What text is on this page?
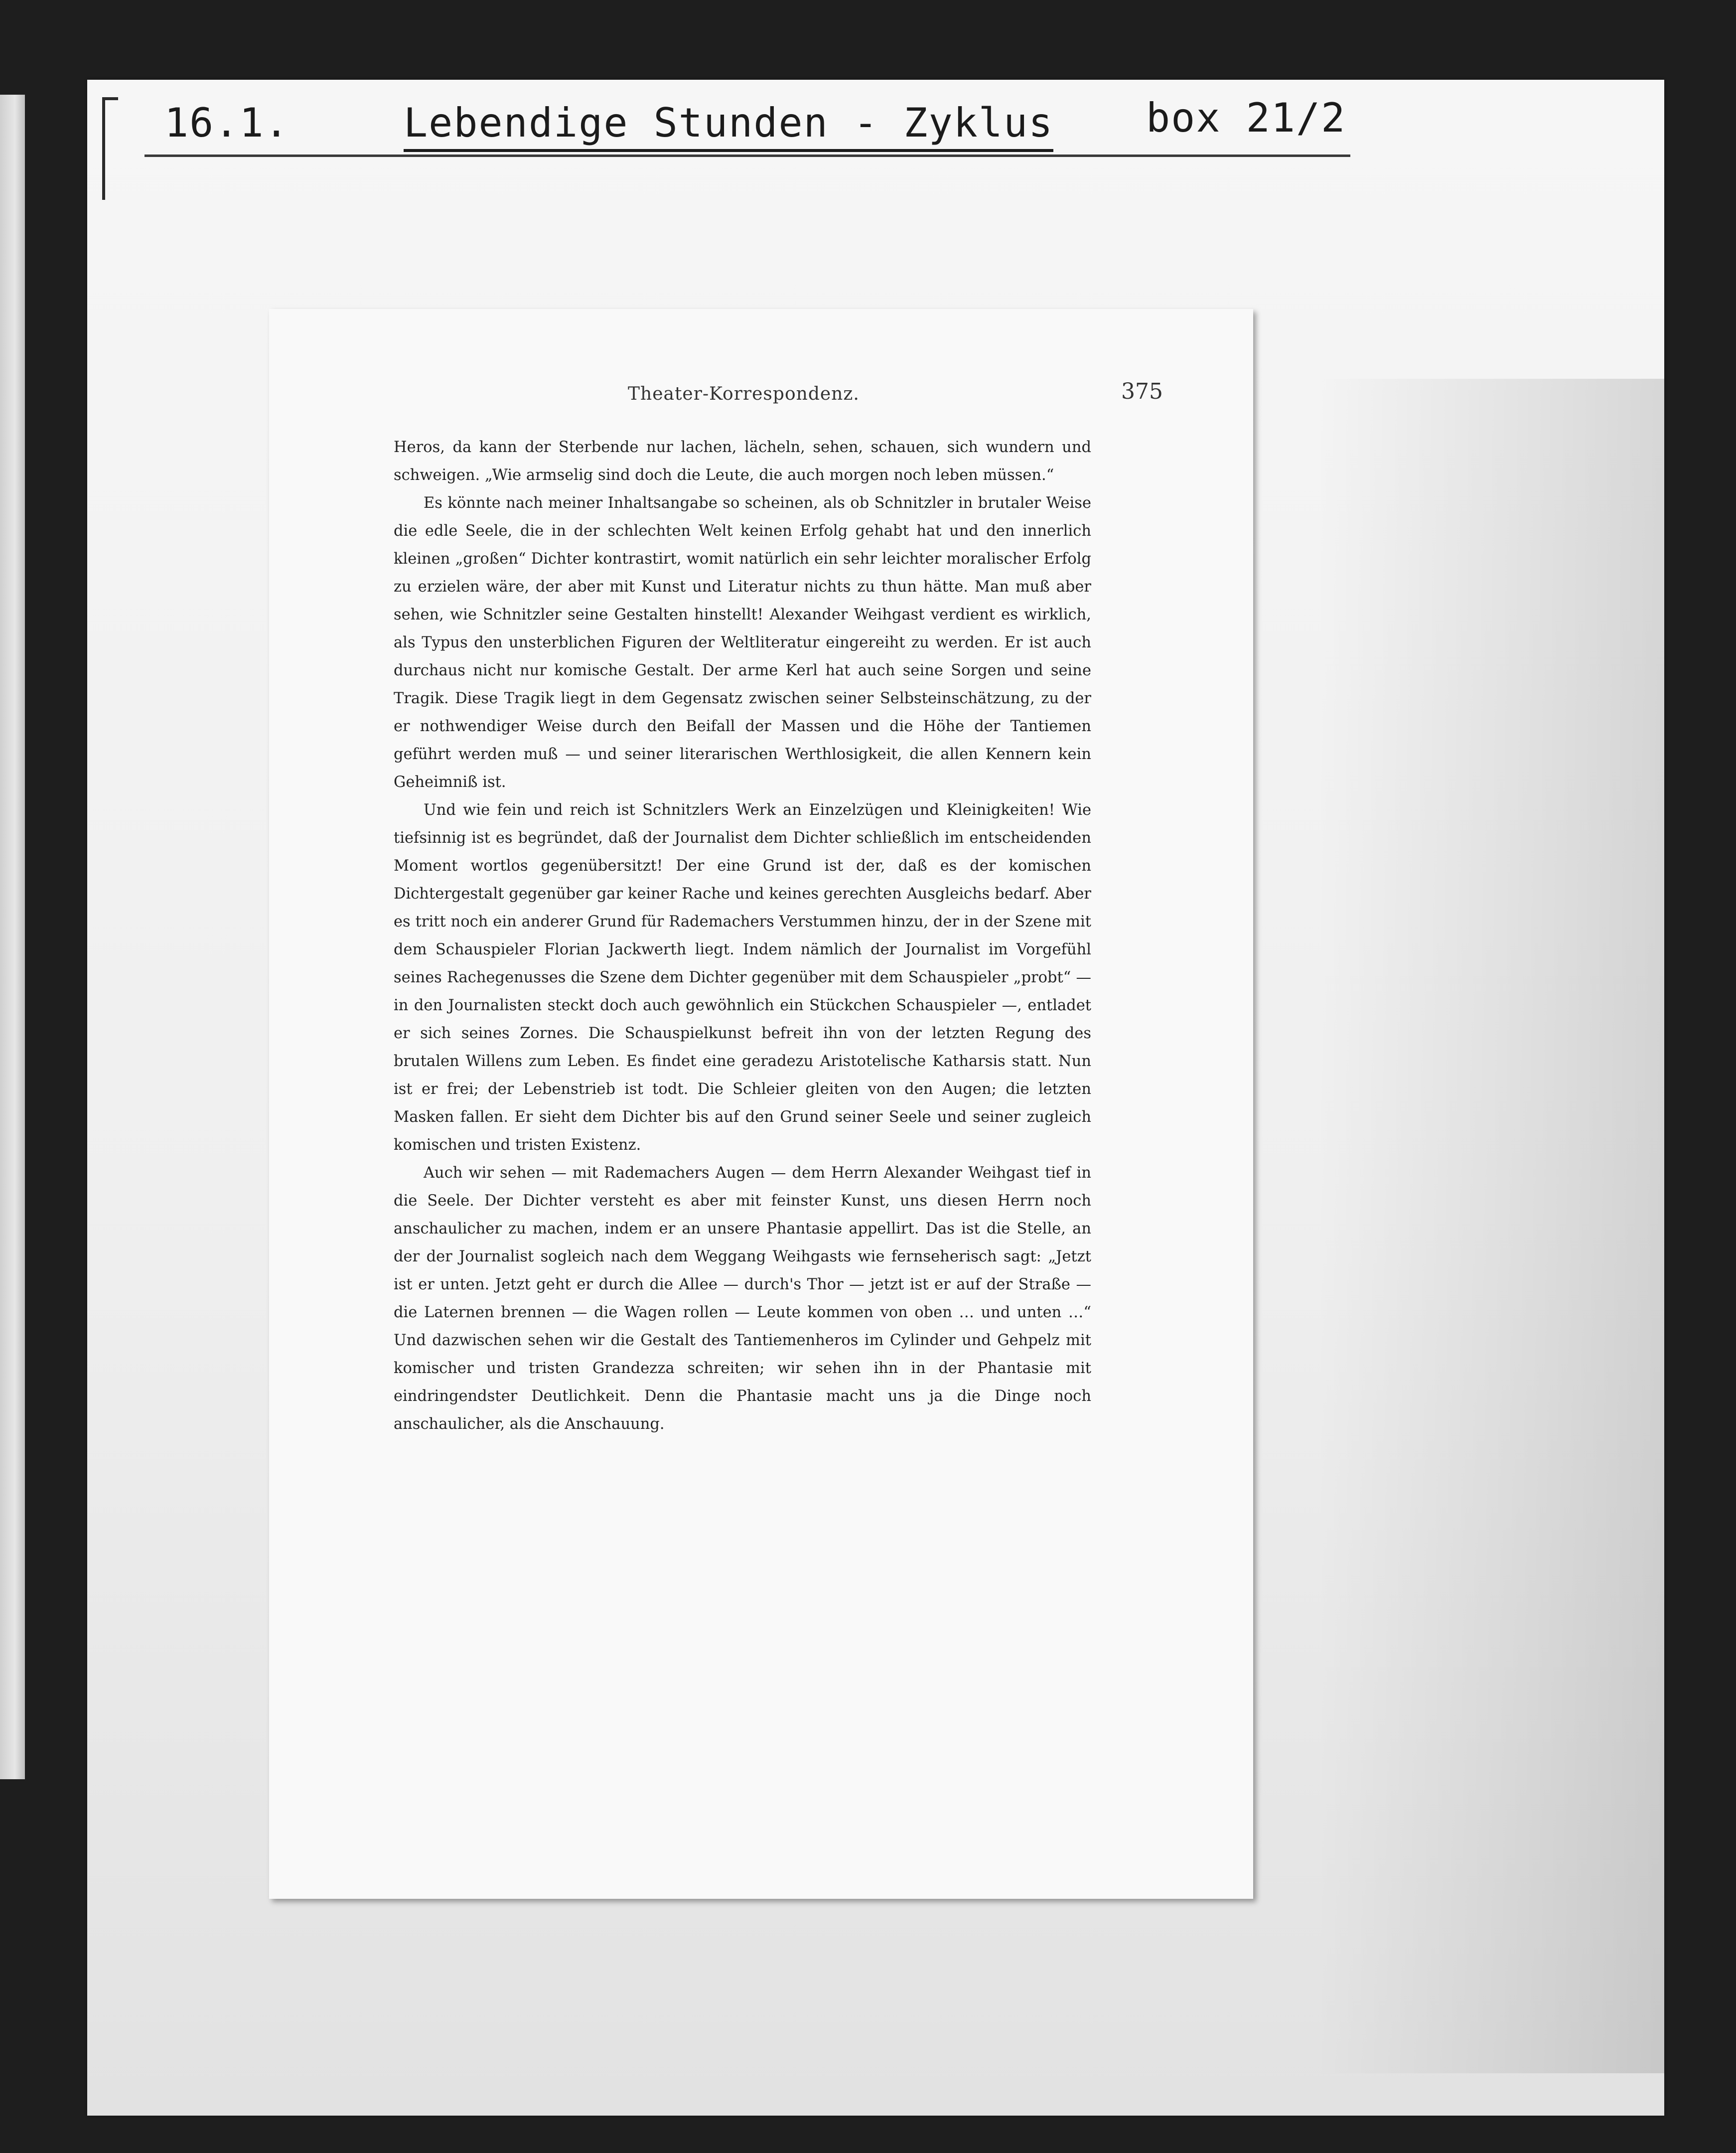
16.1.	Lebendige Stunden - Zyklus box 21/2
Theater-Korrespondenz.	375

Heros, da kann der Sterbende nur lachen, lächeln, sehen, schauen, sich wundern und schweigen. „Wie armselig sind doch die Leute, die auch morgen noch leben müssen.“

Es könnte nach meiner Inhaltsangabe so scheinen, als ob Schnitzler in brutaler Weise die edle Seele, die in der schlechten Welt keinen Erfolg gehabt hat und den innerlich kleinen „großen“ Dichter kontrastirt, womit natürlich ein sehr leichter moralischer Erfolg zu erzielen wäre, der aber mit Kunst und Literatur nichts zu thun hätte. Man muß aber sehen, wie Schnitzler seine Gestalten hinstellt! Alexander Weihgast verdient es wirklich, als Typus den unsterblichen Figuren der Weltliteratur eingereiht zu werden. Er ist auch durchaus nicht nur komische Gestalt. Der arme Kerl hat auch seine Sorgen und seine Tragik. Diese Tragik liegt in dem Gegensatz zwischen seiner Selbsteinschätzung, zu der er nothwendiger Weise durch den Beifall der Massen und die Höhe der Tantiemen geführt werden muß — und seiner literarischen Werthlosigkeit, die allen Kennern kein Geheimniß ist.

Und wie fein und reich ist Schnitzlers Werk an Einzelzügen und Kleinigkeiten! Wie tiefsinnig ist es begründet, daß der Journalist dem Dichter schließlich im entscheidenden Moment wortlos gegenübersitzt! Der eine Grund ist der, daß es der komischen Dichtergestalt gegenüber gar keiner Rache und keines gerechten Ausgleichs bedarf. Aber es tritt noch ein anderer Grund für Rademachers Verstummen hinzu, der in der Szene mit dem Schauspieler Florian Jackwerth liegt. Indem nämlich der Journalist im Vorgefühl seines Rachegenusses die Szene dem Dichter gegenüber mit dem Schauspieler „probt“ — in den Journalisten steckt doch auch gewöhnlich ein Stückchen Schauspieler —, entladet er sich seines Zornes. Die Schauspielkunst befreit ihn von der letzten Regung des brutalen Willens zum Leben. Es findet eine geradezu Aristotelische Katharsis statt. Nun ist er frei; der Lebenstrieb ist todt. Die Schleier gleiten von den Augen; die letzten Masken fallen. Er sieht dem Dichter bis auf den Grund seiner Seele und seiner zugleich komischen und tristen Existenz.

Auch wir sehen — mit Rademachers Augen — dem Herrn Alexander Weihgast tief in die Seele. Der Dichter versteht es aber mit feinster Kunst, uns diesen Herrn noch anschaulicher zu machen, indem er an unsere Phantasie appellirt. Das ist die Stelle, an der der Journalist sogleich nach dem Weggang Weihgasts wie fernseherisch sagt: „Jetzt ist er unten. Jetzt geht er durch die Allee — durch's Thor — jetzt ist er auf der Straße — die Laternen brennen — die Wagen rollen — Leute kommen von oben … und unten …“ Und dazwischen sehen wir die Gestalt des Tantiemenheros im Cylinder und Gehpelz mit komischer und tristen Grandezza schreiten; wir sehen ihn in der Phantasie mit eindringendster Deutlichkeit. Denn die Phantasie macht uns ja die Dinge noch anschaulicher, als die Anschauung.
